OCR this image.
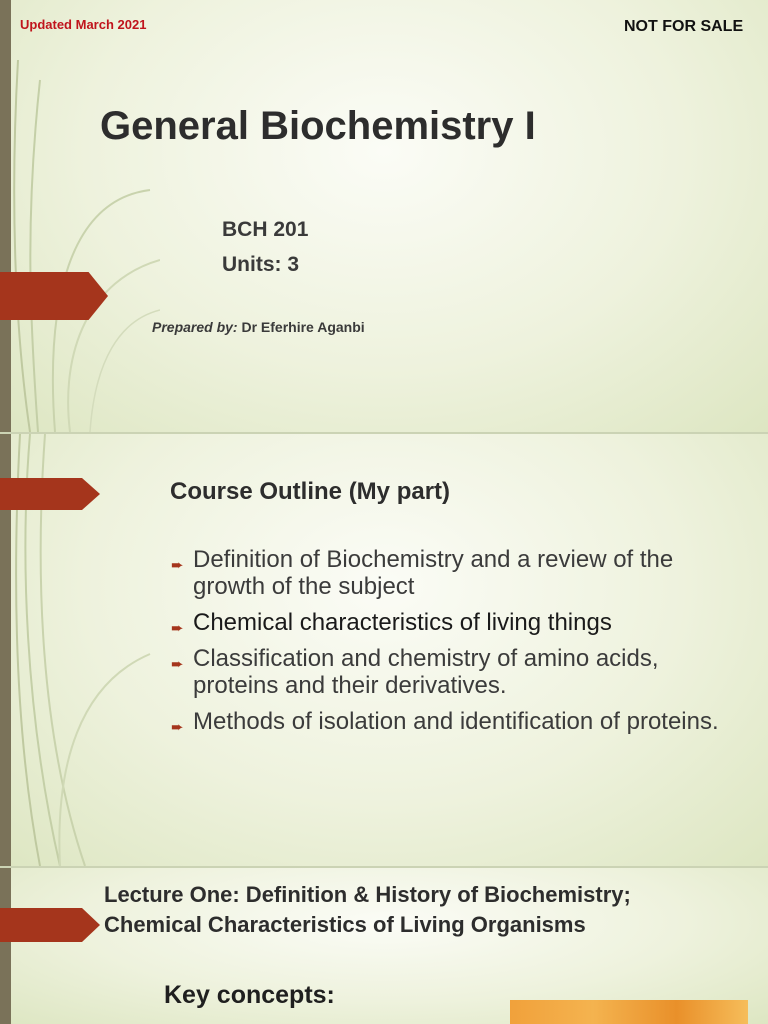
Updated March 2021	NOT FOR SALE

General Biochemistry I

BCH 201

Units: 3

Prepared by: Dr Eferhire Aganbi

Course Outline (My part)
➨ Definition of Biochemistry and a review of the growth of the subject
➨ Chemical characteristics of living things
➨ Classification and chemistry of amino acids, proteins and their derivatives.
➨ Methods of isolation and identification of proteins.

Lecture One: Definition & History of Biochemistry;

Chemical Characteristics of Living Organisms

Key concepts:
